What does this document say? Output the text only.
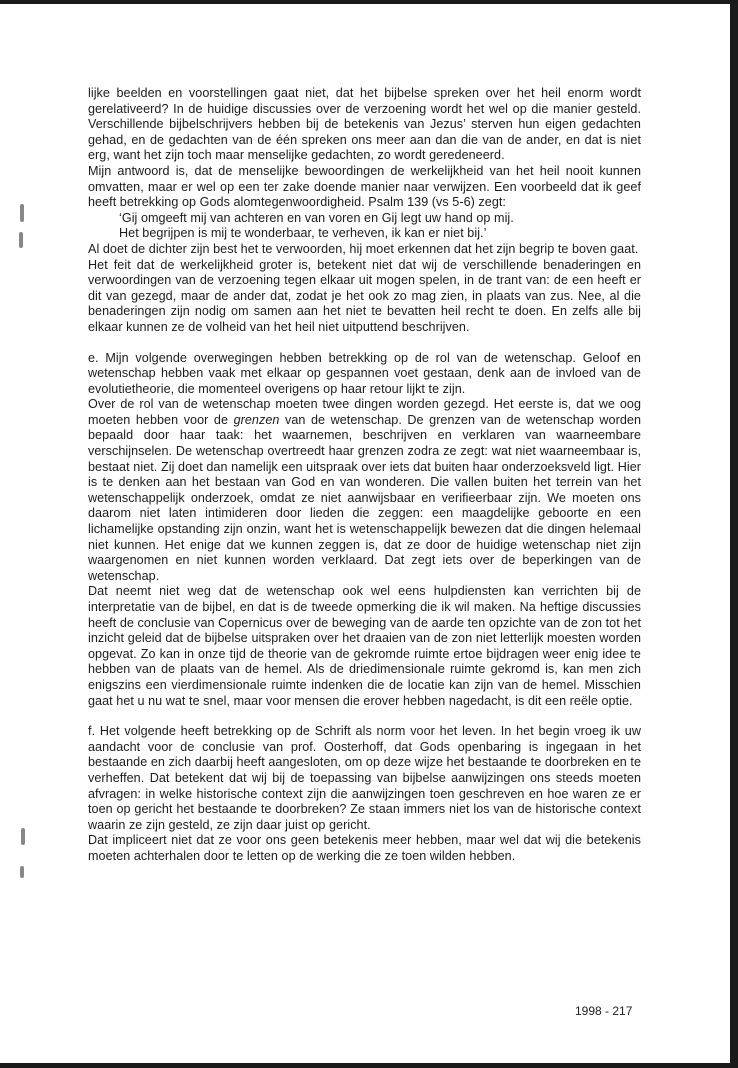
lijke beelden en voorstellingen gaat niet, dat het bijbelse spreken over het heil enorm wordt gerelativeerd? In de huidige discussies over de verzoening wordt het wel op die manier gesteld. Verschillende bijbelschrijvers hebben bij de betekenis van Jezus’ sterven hun eigen gedachten gehad, en de gedachten van de één spreken ons meer aan dan die van de ander, en dat is niet erg, want het zijn toch maar menselijke gedachten, zo wordt geredeneerd.

Mijn antwoord is, dat de menselijke bewoordingen de werkelijkheid van het heil nooit kunnen omvatten, maar er wel op een ter zake doende manier naar verwijzen. Een voorbeeld dat ik geef heeft betrekking op Gods alomtegenwoordigheid. Psalm 139 (vs 5-6) zegt:

‘Gij omgeeft mij van achteren en van voren en Gij legt uw hand op mij.

Het begrijpen is mij te wonderbaar, te verheven, ik kan er niet bij.’

Al doet de dichter zijn best het te verwoorden, hij moet erkennen dat het zijn begrip te boven gaat.

Het feit dat de werkelijkheid groter is, betekent niet dat wij de verschillende benaderingen en verwoordingen van de verzoening tegen elkaar uit mogen spelen, in de trant van: de een heeft er dit van gezegd, maar de ander dat, zodat je het ook zo mag zien, in plaats van zus. Nee, al die benaderingen zijn nodig om samen aan het niet te bevatten heil recht te doen. En zelfs alle bij elkaar kunnen ze de volheid van het heil niet uitputtend beschrijven.

e. Mijn volgende overwegingen hebben betrekking op de rol van de wetenschap. Geloof en wetenschap hebben vaak met elkaar op gespannen voet gestaan, denk aan de invloed van de evolutietheorie, die momenteel overigens op haar retour lijkt te zijn.

Over de rol van de wetenschap moeten twee dingen worden gezegd. Het eerste is, dat we oog moeten hebben voor de grenzen van de wetenschap. De grenzen van de wetenschap worden bepaald door haar taak: het waarnemen, beschrijven en verklaren van waarneembare verschijnselen. De wetenschap overtreedt haar grenzen zodra ze zegt: wat niet waarneembaar is, bestaat niet. Zij doet dan namelijk een uitspraak over iets dat buiten haar onderzoeksveld ligt. Hier is te denken aan het bestaan van God en van wonderen. Die vallen buiten het terrein van het wetenschappelijk onderzoek, omdat ze niet aanwijsbaar en verifieerbaar zijn. We moeten ons daarom niet laten intimideren door lieden die zeggen: een maagdelijke geboorte en een lichamelijke opstanding zijn onzin, want het is wetenschappelijk bewezen dat die dingen helemaal niet kunnen. Het enige dat we kunnen zeggen is, dat ze door de huidige wetenschap niet zijn waargenomen en niet kunnen worden verklaard. Dat zegt iets over de beperkingen van de wetenschap.

Dat neemt niet weg dat de wetenschap ook wel eens hulpdiensten kan verrichten bij de interpretatie van de bijbel, en dat is de tweede opmerking die ik wil maken. Na heftige discussies heeft de conclusie van Copernicus over de beweging van de aarde ten opzichte van de zon tot het inzicht geleid dat de bijbelse uitspraken over het draaien van de zon niet letterlijk moesten worden opgevat. Zo kan in onze tijd de theorie van de gekromde ruimte ertoe bijdragen weer enig idee te hebben van de plaats van de hemel. Als de driedimensionale ruimte gekromd is, kan men zich enigszins een vierdimensionale ruimte indenken die de locatie kan zijn van de hemel. Misschien gaat het u nu wat te snel, maar voor mensen die erover hebben nagedacht, is dit een reële optie.

f. Het volgende heeft betrekking op de Schrift als norm voor het leven. In het begin vroeg ik uw aandacht voor de conclusie van prof. Oosterhoff, dat Gods openbaring is ingegaan in het bestaande en zich daarbij heeft aangesloten, om op deze wijze het bestaande te doorbreken en te verheffen. Dat betekent dat wij bij de toepassing van bijbelse aanwijzingen ons steeds moeten afvragen: in welke historische context zijn die aanwijzingen toen geschreven en hoe waren ze er toen op gericht het bestaande te doorbreken? Ze staan immers niet los van de historische context waarin ze zijn gesteld, ze zijn daar juist op gericht.

Dat impliceert niet dat ze voor ons geen betekenis meer hebben, maar wel dat wij die betekenis moeten achterhalen door te letten op de werking die ze toen wilden hebben.

1998 - 217
